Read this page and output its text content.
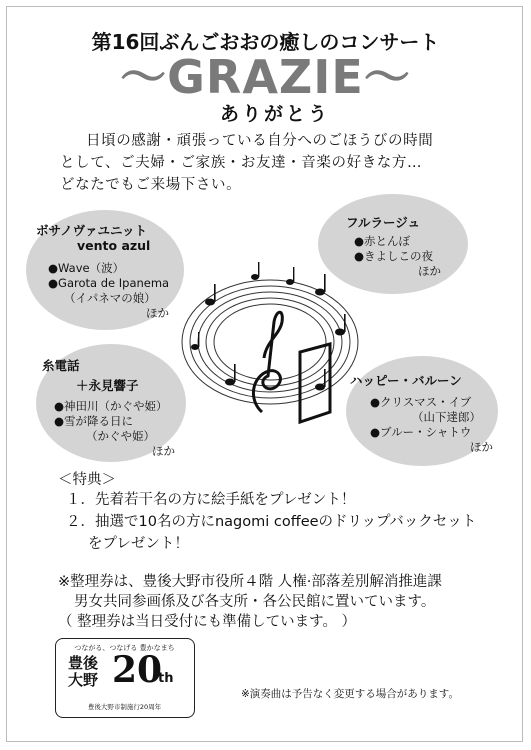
第16回ぶんごおおの癒しのコンサート
〜GRAZIE〜
ありがとう
日頃の感謝・頑張っている自分へのごほうびの時間
として、ご夫婦・ご家族・お友達・音楽の好きな方…
どなたでもご来場下さい。
ボサノヴァユニット
vento azul
●Wave（波）
●Garota de Ipanema
（イパネマの娘）
ほか
フルラージュ
●赤とんぼ
●きよしこの夜
ほか
糸電話
＋永見響子
●神田川（かぐや姫）
●雪が降る日に
（かぐや姫）
ほか
ハッピー・バルーン
●クリスマス・イブ
（山下達郎）
●ブルー・シャトウ
ほか
＜特典＞
１．先着若干名の方に絵手紙をプレゼント！
２．抽選で10名の方にnagomi coffeeのドリップバックセット
をプレゼント！
※整理券は、豊後大野市役所４階 人権·部落差別解消推進課
男女共同参画係及び各支所・各公民館に置いています。
（ 整理券は当日受付にも準備しています。 ）
つながる、つなげる 豊かなまち
豊後
大野 20
th
豊後大野市制施行20周年
※演奏曲は予告なく変更する場合があります。
